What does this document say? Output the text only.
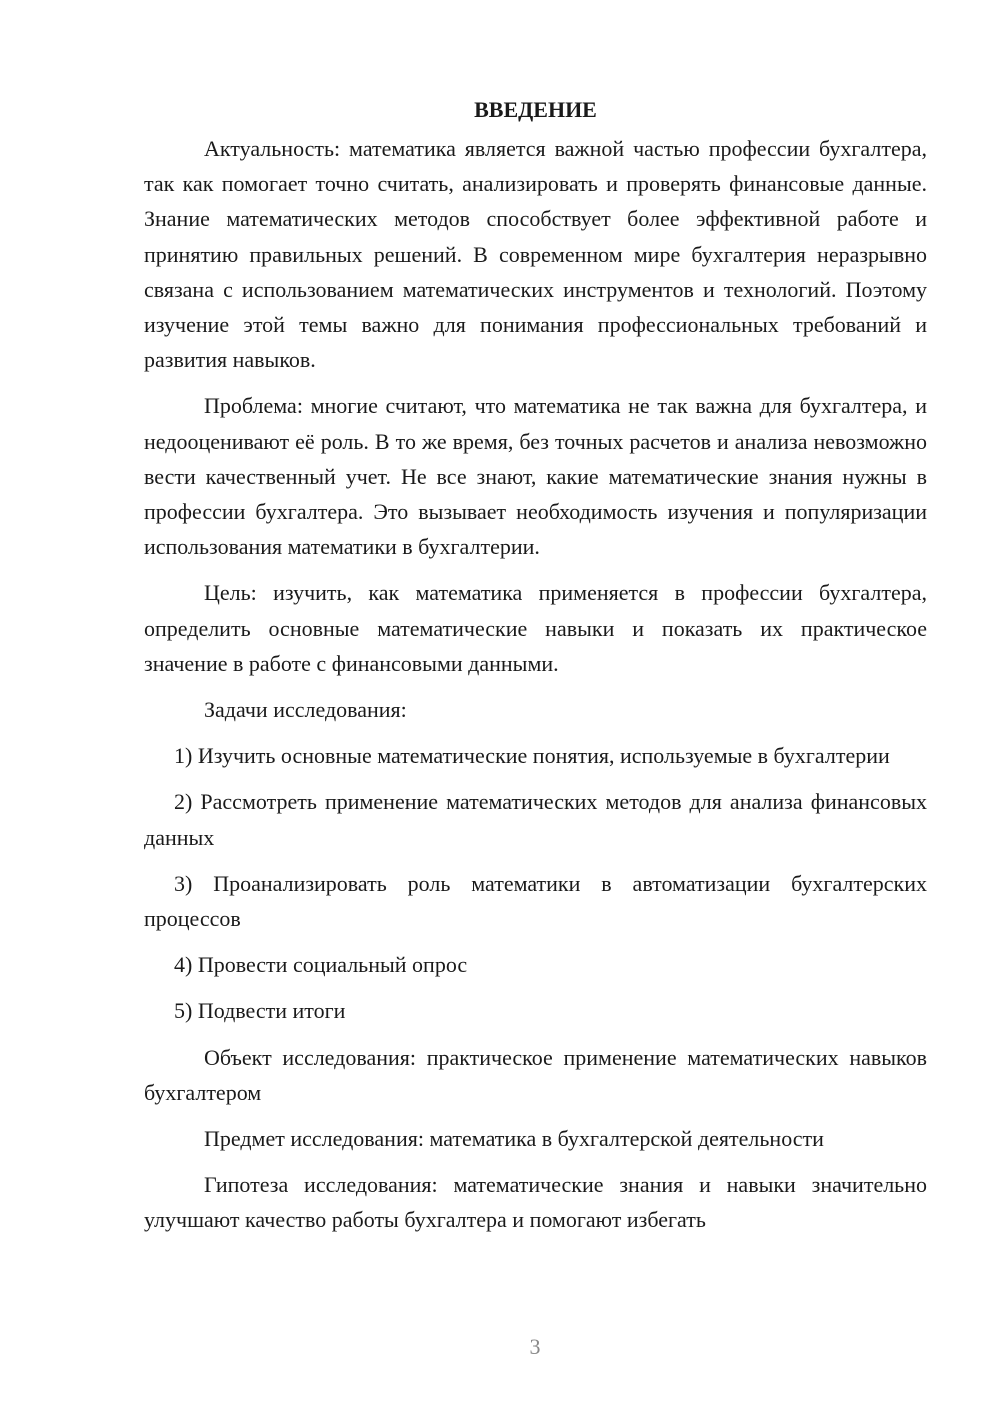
ВВЕДЕНИЕ

Актуальность: математика является важной частью профессии бухгалтера, так как помогает точно считать, анализировать и проверять финансовые данные. Знание математических методов способствует более эффективной работе и принятию правильных решений. В современном мире бухгалтерия неразрывно связана с использованием математических инструментов и технологий. Поэтому изучение этой темы важно для понимания профессиональных требований и развития навыков.

Проблема: многие считают, что математика не так важна для бухгалтера, и недооценивают её роль. В то же время, без точных расчетов и анализа невозможно вести качественный учет. Не все знают, какие математические знания нужны в профессии бухгалтера. Это вызывает необходимость изучения и популяризации использования математики в бухгалтерии.

Цель: изучить, как математика применяется в профессии бухгалтера, определить основные математические навыки и показать их практическое значение в работе с финансовыми данными.

Задачи исследования:

1) Изучить основные математические понятия, используемые в бухгалтерии

2) Рассмотреть применение математических методов для анализа финансовых данных

3) Проанализировать роль математики в автоматизации бухгалтерских процессов

4) Провести социальный опрос

5) Подвести итоги

Объект исследования: практическое применение математических навыков бухгалтером

Предмет исследования: математика в бухгалтерской деятельности

Гипотеза исследования: математические знания и навыки значительно улучшают качество работы бухгалтера и помогают избегать

3
